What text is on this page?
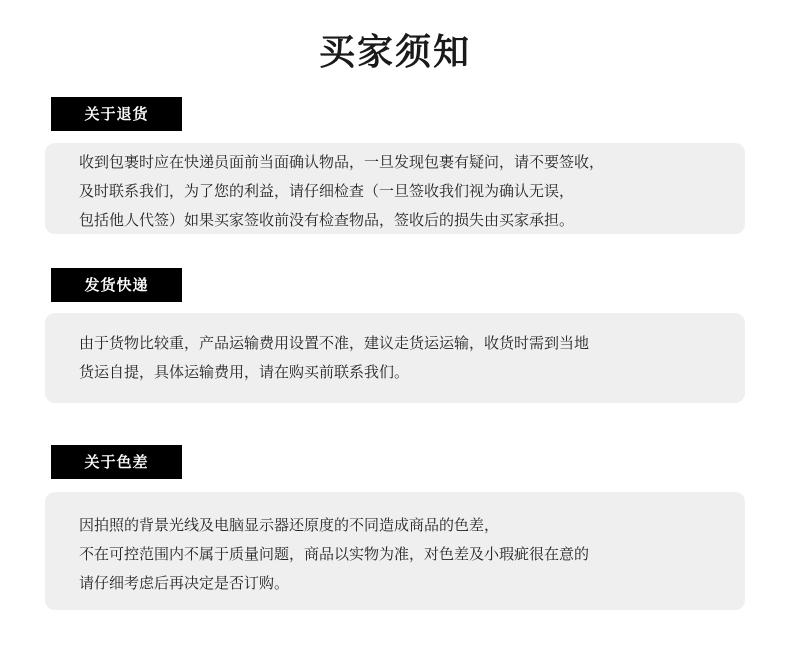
买家须知
关于退货
收到包裹时应在快递员面前当面确认物品，一旦发现包裹有疑问，请不要签收，
及时联系我们，为了您的利益，请仔细检查（一旦签收我们视为确认无误，
包括他人代签）如果买家签收前没有检查物品，签收后的损失由买家承担。
发货快递
由于货物比较重，产品运输费用设置不准，建议走货运运输，收货时需到当地
货运自提，具体运输费用，请在购买前联系我们。
关于色差
因拍照的背景光线及电脑显示器还原度的不同造成商品的色差，
不在可控范围内不属于质量问题，商品以实物为准，对色差及小瑕疵很在意的
请仔细考虑后再决定是否订购。
